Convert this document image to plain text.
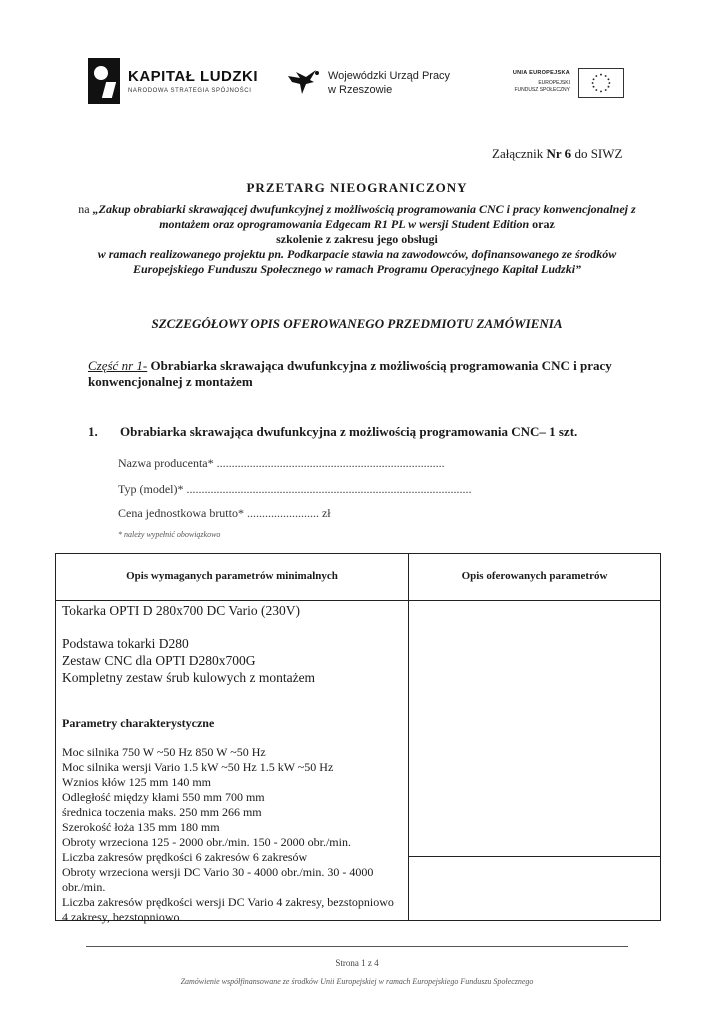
KAPITAŁ LUDZKI
NARODOWA STRATEGIA SPÓJNOŚCI
Wojewódzki Urząd Pracy
w Rzeszowie
UNIA EUROPEJSKA
EUROPEJSKI
FUNDUSZ SPOŁECZNY
Załącznik Nr 6 do SIWZ
PRZETARG NIEOGRANICZONY
na „Zakup obrabiarki skrawającej dwufunkcyjnej z możliwością programowania CNC i pracy konwencjonalnej z montażem oraz oprogramowania Edgecam R1 PL w wersji Student Edition oraz
szkolenie z zakresu jego obsługi
w ramach realizowanego projektu pn. Podkarpacie stawia na zawodowców, dofinansowanego ze środków Europejskiego Funduszu Społecznego w ramach Programu Operacyjnego Kapitał Ludzki”
SZCZEGÓŁOWY OPIS OFEROWANEGO PRZEDMIOTU ZAMÓWIENIA
Część nr 1- Obrabiarka skrawająca dwufunkcyjna z możliwością programowania CNC i pracy konwencjonalnej z montażem
1. Obrabiarka skrawająca dwufunkcyjna z możliwością programowania CNC– 1 szt.
Nazwa producenta* ............................................................................
Typ (model)* ...............................................................................................
Cena jednostkowa brutto* ........................ zł
* należy wypełnić obowiązkowo
Opis wymaganych parametrów minimalnych	Opis oferowanych parametrów
Tokarka OPTI D 280x700 DC Vario (230V)
Podstawa tokarki D280
Zestaw CNC dla OPTI D280x700G
Kompletny zestaw śrub kulowych z montażem
Parametry charakterystyczne
Moc silnika 750 W ~50 Hz 850 W ~50 Hz
Moc silnika wersji Vario 1.5 kW ~50 Hz 1.5 kW ~50 Hz
Wznios kłów 125 mm 140 mm
Odległość między kłami 550 mm 700 mm
średnica toczenia maks. 250 mm 266 mm
Szerokość łoża 135 mm 180 mm
Obroty wrzeciona 125 - 2000 obr./min. 150 - 2000 obr./min.
Liczba zakresów prędkości 6 zakresów 6 zakresów
Obroty wrzeciona wersji DC Vario 30 - 4000 obr./min. 30 - 4000 obr./min.
Liczba zakresów prędkości wersji DC Vario 4 zakresy, bezstopniowo 4 zakresy, bezstopniowo
Strona 1 z 4
Zamówienie współfinansowane ze środków Unii Europejskiej w ramach Europejskiego Funduszu Społecznego
